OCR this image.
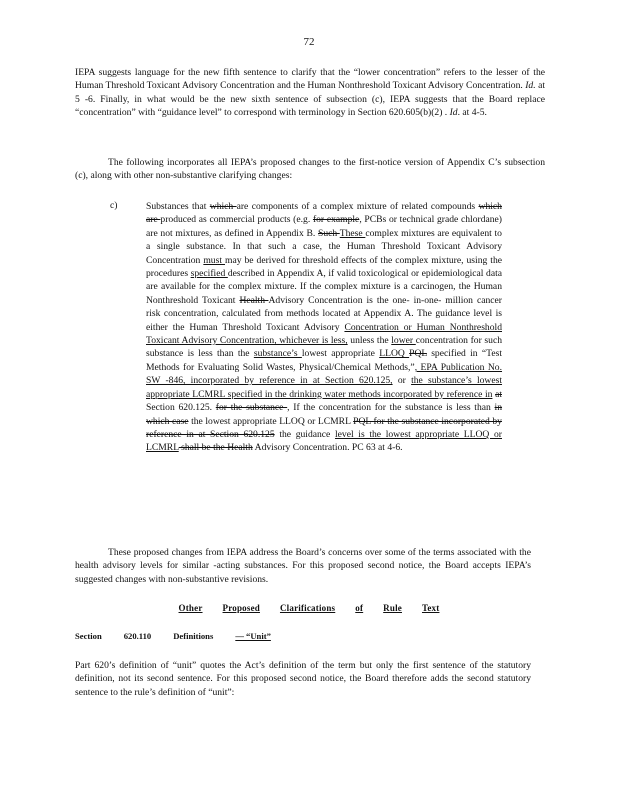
72

IEPA suggests language for the new fifth sentence to clarify that the “lower concentration” refers to the lesser of the Human Threshold Toxicant Advisory Concentration and the Human Nonthreshold Toxicant Advisory Concentration. Id. at 5 -6. Finally, in what would be the new sixth sentence of subsection (c), IEPA suggests that the Board replace “concentration” with “guidance level” to correspond with terminology in Section 620.605(b)(2) . Id. at 4-5.

The following incorporates all IEPA’s proposed changes to the first-notice version of Appendix C’s subsection (c), along with other non-substantive clarifying changes:

c)	Substances that which are components of a complex mixture of related compounds which are produced as commercial products (e.g. for example, PCBs or technical grade chlordane) are not mixtures, as defined in Appendix B. Such These complex mixtures are equivalent to a single substance. In that such a case, the Human Threshold Toxicant Advisory Concentration must may be derived for threshold effects of the complex mixture, using the procedures specified described in Appendix A, if valid toxicological or epidemiological data are available for the complex mixture. If the complex mixture is a carcinogen, the Human Nonthreshold Toxicant Health Advisory Concentration is the one- in-one- million cancer risk concentration, calculated from methods located at Appendix A. The guidance level is either the Human Threshold Toxicant Advisory Concentration or Human Nonthreshold Toxicant Advisory Concentration, whichever is less, unless the lower concentration for such substance is less than the substance’s lowest appropriate LLOQ PQL specified in “Test Methods for Evaluating Solid Wastes, Physical/Chemical Methods,”, EPA Publication No. SW -846, incorporated by reference in at Section 620.125, or the substance’s lowest appropriate LCMRL specified in the drinking water methods incorporated by reference in at Section 620.125. for the substance , If the concentration for the substance is less than in which case the lowest appropriate LLOQ or LCMRL PQL for the substance incorporated by reference in at Section 620.125 the guidance level is the lowest appropriate LLOQ or LCMRL shall be the Health Advisory Concentration. PC 63 at 4-6.

These proposed changes from IEPA address the Board’s concerns over some of the terms associated with the health advisory levels for similar -acting substances. For this proposed second notice, the Board accepts IEPA’s suggested changes with non-substantive revisions.

Other Proposed Clarifications of Rule Text
Section	620.110	Definitions	— “Unit”

Part 620’s definition of “unit” quotes the Act’s definition of the term but only the first sentence of the statutory definition, not its second sentence. For this proposed second notice, the Board therefore adds the second statutory sentence to the rule’s definition of “unit”:
